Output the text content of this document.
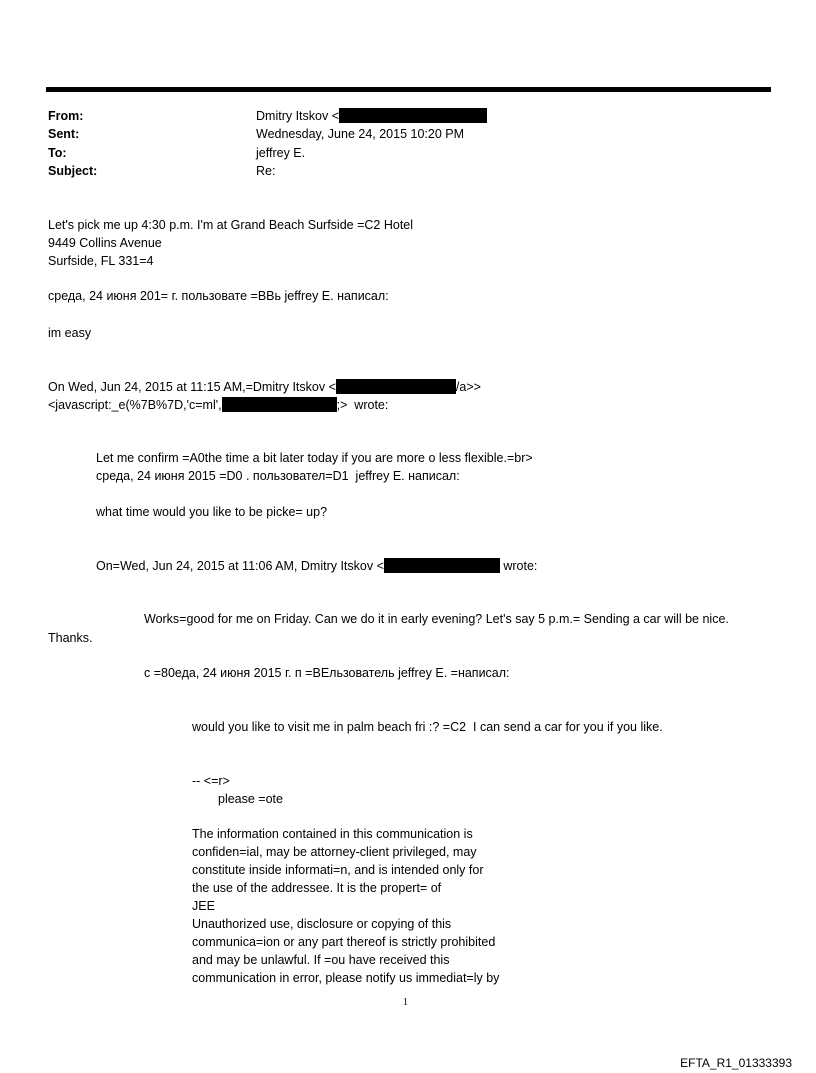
From:	Dmitry Itskov <
Sent:	Wednesday, June 24, 2015 10:20 PM
To:	jeffrey E.
Subject:	Re:
Let's pick me up 4:30 p.m. I'm at Grand Beach Surfside =C2 Hotel
9449 Collins Avenue
Surfside, FL 331=4
среда, 24 июня 201= г. пользовате =BBь jeffrey E. написал:
im easy
On Wed, Jun 24, 2015 at 11:15 AM,=Dmitry Itskov <	/a>>
<javascript:_e(%7B%7D,'c=ml',	;>  wrote:
Let me confirm =A0the time a bit later today if you are more o less flexible.=br>
среда, 24 июня 2015 =D0 . пользовател=D1  jeffrey E. написал:
what time would you like to be picke= up?
On=Wed, Jun 24, 2015 at 11:06 AM, Dmitry Itskov <	wrote:
Works=good for me on Friday. Can we do it in early evening? Let's say 5 p.m.= Sending a car will be nice.
Thanks.
с =80еда, 24 июня 2015 г. п =BEльзователь jeffrey E. =написал:
would you like to visit me in palm beach fri :? =C2  I can send a car for you if you like.
-- <=r>
please =ote
The information contained in this communication is
confiden=ial, may be attorney-client privileged, may
constitute inside informati=n, and is intended only for
the use of the addressee. It is the propert= of
JEE
Unauthorized use, disclosure or copying of this
communica=ion or any part thereof is strictly prohibited
and may be unlawful. If =ou have received this
communication in error, please notify us immediat=ly by
1
EFTA_R1_01333393
